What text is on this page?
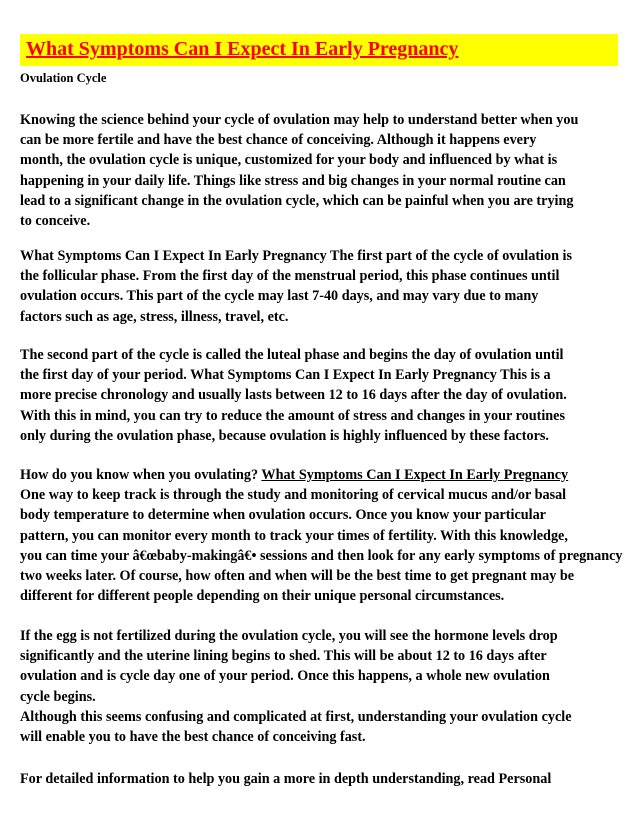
What Symptoms Can I Expect In Early Pregnancy
Ovulation Cycle
Knowing the science behind your cycle of ovulation may help to understand better when you
can be more fertile and have the best chance of conceiving. Although it happens every
month, the ovulation cycle is unique, customized for your body and influenced by what is
happening in your daily life. Things like stress and big changes in your normal routine can
lead to a significant change in the ovulation cycle, which can be painful when you are trying
to conceive.
What Symptoms Can I Expect In Early Pregnancy The first part of the cycle of ovulation is
the follicular phase. From the first day of the menstrual period, this phase continues until
ovulation occurs. This part of the cycle may last 7-40 days, and may vary due to many
factors such as age, stress, illness, travel, etc.
The second part of the cycle is called the luteal phase and begins the day of ovulation until
the first day of your period. What Symptoms Can I Expect In Early Pregnancy This is a
more precise chronology and usually lasts between 12 to 16 days after the day of ovulation.
With this in mind, you can try to reduce the amount of stress and changes in your routines
only during the ovulation phase, because ovulation is highly influenced by these factors.
How do you know when you ovulating? What Symptoms Can I Expect In Early Pregnancy
One way to keep track is through the study and monitoring of cervical mucus and/or basal
body temperature to determine when ovulation occurs. Once you know your particular
pattern, you can monitor every month to track your times of fertility. With this knowledge,
you can time your â€œbaby-makingâ€• sessions and then look for any early symptoms of pregnancy
two weeks later. Of course, how often and when will be the best time to get pregnant may be
different for different people depending on their unique personal circumstances.
If the egg is not fertilized during the ovulation cycle, you will see the hormone levels drop
significantly and the uterine lining begins to shed. This will be about 12 to 16 days after
ovulation and is cycle day one of your period. Once this happens, a whole new ovulation
cycle begins.
Although this seems confusing and complicated at first, understanding your ovulation cycle
will enable you to have the best chance of conceiving fast.
For detailed information to help you gain a more in depth understanding, read Personal
